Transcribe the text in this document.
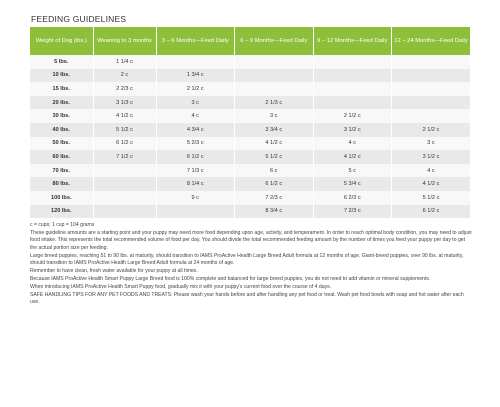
FEEDING GUIDELINES
Weight of Dog (lbs.)	Weaning to 3 months	3 – 6 Months—Feed Daily	6 – 9 Months—Feed Daily	9 – 12 Months—Feed Daily	12 – 24 Months—Feed Daily
5 lbs.	1 1/4 c				
10 lbs.	2 c	1 3/4 c			
15 lbs.	2 2/3 c	2 1/2 c			
20 lbs.	3 1/3 c	3 c	2 1/3 c		
30 lbs.	4 1/2 c	4 c	3 c	2 1/2 c	
40 lbs.	5 1/2 c	4 3/4 c	3 3/4 c	3 1/2 c	2 1/2 c
50 lbs.	6 1/2 c	5 2/3 c	4 1/2 c	4 c	3 c
60 lbs.	7 1/2 c	6 1/2 c	5 1/2 c	4 1/2 c	3 1/2 c
70 lbs.		7 1/3 c	6 c	5 c	4 c
80 lbs.		8 1/4 c	6 1/2 c	5 3/4 c	4 1/2 c
100 lbs.		9 c	7 2/3 c	6 2/3 c	5 1/2 c
120 lbs.			8 3/4 c	7 2/3 c	6 1/2 c

c = cups; 1 cup = 104 grams

These guideline amounts are a starting point and your puppy may need more food depending upon age, activity, and temperament. In order to reach optimal body condition, you may need to adjust food intake. This represents the total recommended volume of food per day. You should divide the total recommended feeding amount by the number of times you feed your puppy per day to get the actual portion size per feeding.

Large breed puppies, reaching 51 to 90 lbs. at maturity, should transition to IAMS ProActive Health Large Breed Adult formula at 12 months of age. Giant-breed puppies, over 90 lbs. at maturity, should transition to IAMS ProActive Health Large Breed Adult formula at 24 months of age.

Remember to have clean, fresh water available for your puppy at all times.

Because IAMS ProActive Health Smart Puppy Large Breed food is 100% complete and balanced for large breed puppies, you do not need to add vitamin or mineral supplements.

When introducing IAMS ProActive Health Smart Puppy food, gradually mix it with your puppy's current food over the course of 4 days.

SAFE HANDLING TIPS FOR ANY PET FOODS AND TREATS: Please wash your hands before and after handling any pet food or treat. Wash pet food bowls with soap and hot water after each use.
